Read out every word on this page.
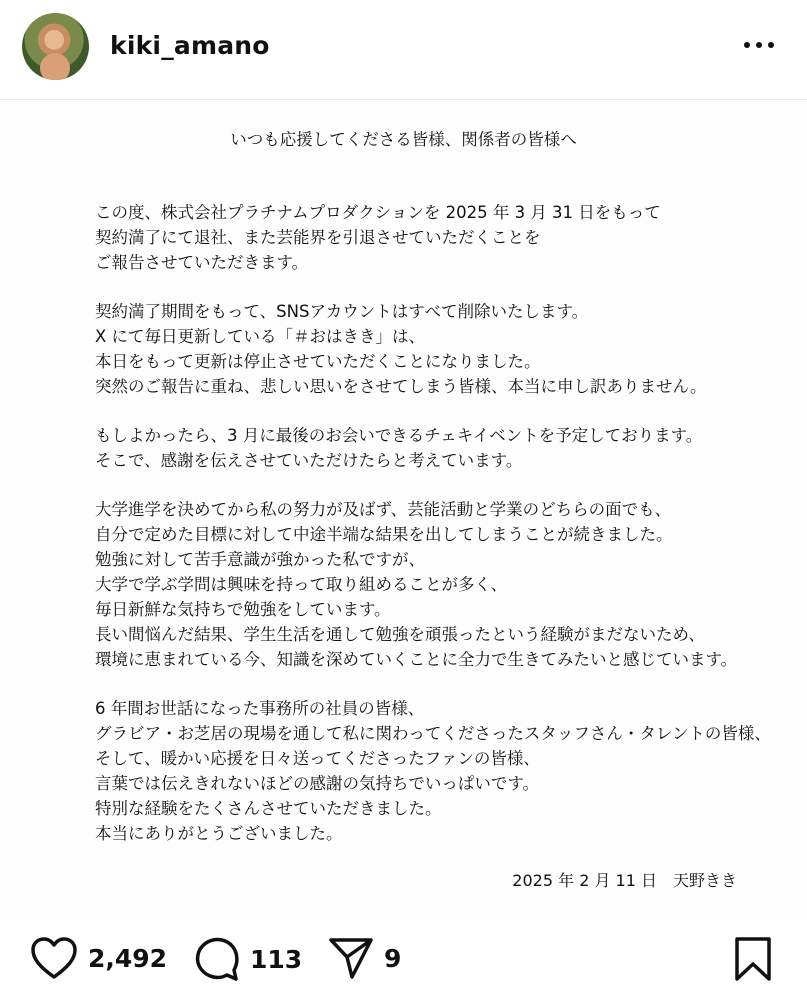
kiki_amano
いつも応援してくださる皆様、関係者の皆様へ
この度、株式会社プラチナムプロダクションを 2025 年 3 月 31 日をもって
契約満了にて退社、また芸能界を引退させていただくことを
ご報告させていただきます。
契約満了期間をもって、SNSアカウントはすべて削除いたします。
X にて毎日更新している「＃おはきき」は、
本日をもって更新は停止させていただくことになりました。
突然のご報告に重ね、悲しい思いをさせてしまう皆様、本当に申し訳ありません。
もしよかったら、3 月に最後のお会いできるチェキイベントを予定しております。
そこで、感謝を伝えさせていただけたらと考えています。
大学進学を決めてから私の努力が及ばず、芸能活動と学業のどちらの面でも、
自分で定めた目標に対して中途半端な結果を出してしまうことが続きました。
勉強に対して苦手意識が強かった私ですが、
大学で学ぶ学問は興味を持って取り組めることが多く、
毎日新鮮な気持ちで勉強をしています。
長い間悩んだ結果、学生生活を通して勉強を頑張ったという経験がまだないため、
環境に恵まれている今、知識を深めていくことに全力で生きてみたいと感じています。
6 年間お世話になった事務所の社員の皆様、
グラビア・お芝居の現場を通して私に関わってくださったスタッフさん・タレントの皆様、
そして、暖かい応援を日々送ってくださったファンの皆様、
言葉では伝えきれないほどの感謝の気持ちでいっぱいです。
特別な経験をたくさんさせていただきました。
本当にありがとうございました。
2025 年 2 月 11 日　天野きき
2,492	113	9
